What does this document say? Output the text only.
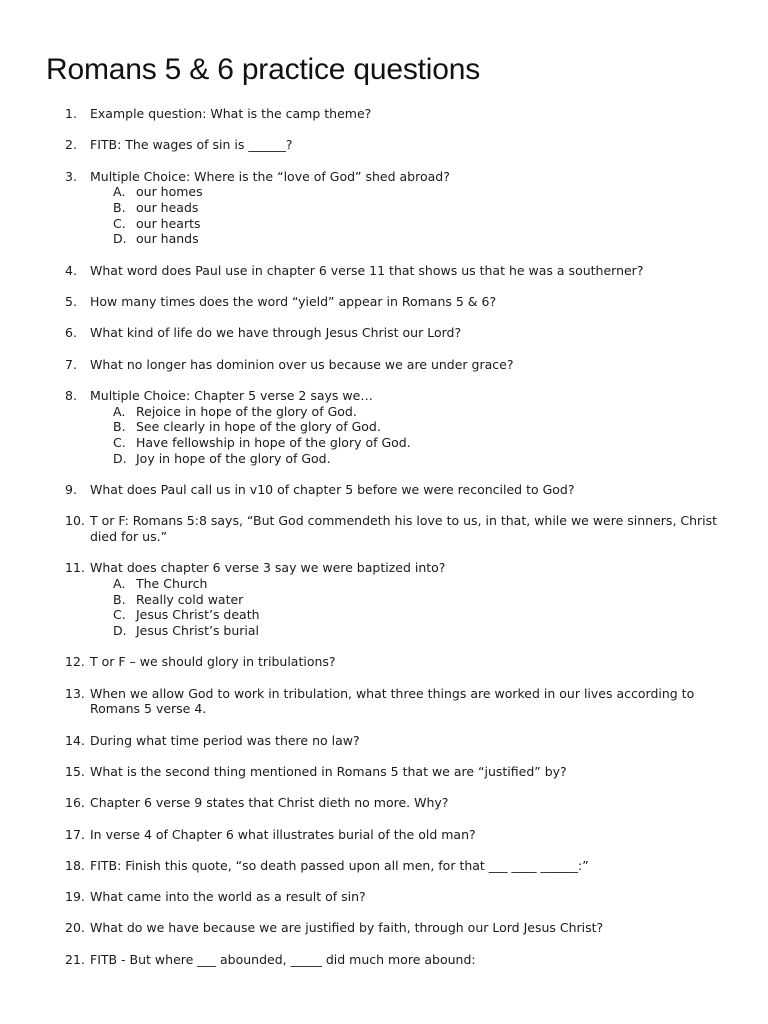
Romans 5 & 6 practice questions
1.	Example question: What is the camp theme?
2.	FITB: The wages of sin is ______?
3.	Multiple Choice: Where is the “love of God” shed abroad?
A. our homes
B. our heads
C. our hearts
D. our hands
4.	What word does Paul use in chapter 6 verse 11 that shows us that he was a southerner?
5.	How many times does the word “yield” appear in Romans 5 & 6?
6.	What kind of life do we have through Jesus Christ our Lord?
7.	What no longer has dominion over us because we are under grace?
8.	Multiple Choice: Chapter 5 verse 2 says we…
A. Rejoice in hope of the glory of God.
B. See clearly in hope of the glory of God.
C. Have fellowship in hope of the glory of God.
D. Joy in hope of the glory of God.
9.	What does Paul call us in v10 of chapter 5 before we were reconciled to God?
10. T or F: Romans 5:8 says, “But God commendeth his love to us, in that, while we were sinners, Christ died for us.”
11. What does chapter 6 verse 3 say we were baptized into?
A. The Church
B. Really cold water
C. Jesus Christ’s death
D. Jesus Christ’s burial
12. T or F – we should glory in tribulations?
13. When we allow God to work in tribulation, what three things are worked in our lives according to Romans 5 verse 4.
14. During what time period was there no law?
15. What is the second thing mentioned in Romans 5 that we are “justified” by?
16. Chapter 6 verse 9 states that Christ dieth no more. Why?
17. In verse 4 of Chapter 6 what illustrates burial of the old man?
18. FITB: Finish this quote, “so death passed upon all men, for that ___ ____ ______:”
19. What came into the world as a result of sin?
20. What do we have because we are justified by faith, through our Lord Jesus Christ?
21. FITB - But where ___ abounded, _____ did much more abound:
